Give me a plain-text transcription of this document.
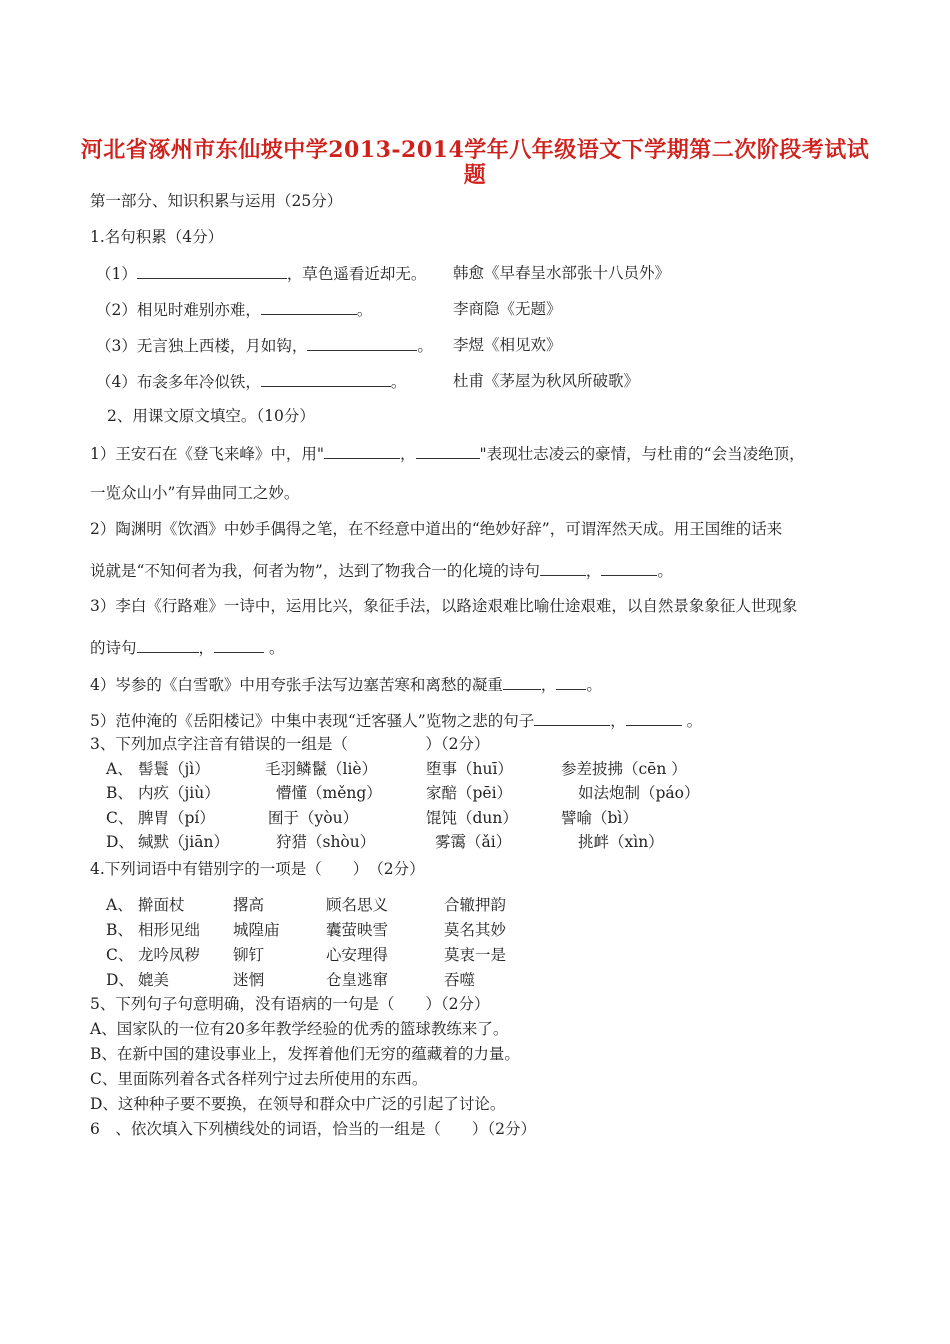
河北省涿州市东仙坡中学2013-2014学年八年级语文下学期第二次阶段考试试
题
第一部分、知识积累与运用（25分）
1.名句积累（4分）
（1）	，草色遥看近却无。 韩愈《早春呈水部张十八员外》
（2）相见时难别亦难，	。	李商隐《无题》
（3）无言独上西楼，月如钩，	。 李煜《相见欢》
（4）布衾多年冷似铁，	。	杜甫《茅屋为秋风所破歌》
2、用课文原文填空。（10分）
1）王安石在《登飞来峰》中，用"	，	"表现壮志凌云的豪情，与杜甫的“会当凌绝顶，
一览众山小”有异曲同工之妙。
2）陶渊明《饮酒》中妙手偶得之笔，在不经意中道出的“绝妙好辞”，可谓浑然天成。用王国维的话来
说就是“不知何者为我，何者为物”，达到了物我合一的化境的诗句	，	。
3）李白《行路难》一诗中，运用比兴，象征手法，以路途艰难比喻仕途艰难，以自然景象象征人世现象
的诗句	，	。
4）岑参的《白雪歌》中用夸张手法写边塞苦寒和离愁的凝重 ， 。
5）范仲淹的《岳阳楼记》中集中表现“迁客骚人”览物之悲的句子	，	。
3、下列加点字注音有错误的一组是（　　　　　）（2分）
A、 髻鬟（jì）	毛羽鳞鬣（liè）	堕事（huī）	参差披拂（cēn ）
B、 内疚（jiù）	懵懂（měng）	家醅（pēi）	如法炮制（páo）
C、 脾胃（pí）	囿于（yòu）	馄饨（dun）	譬喻（bì）
D、 缄默（jiān）	狩猎（shòu）	雾霭（ǎi）	挑衅（xìn）
4.下列词语中有错别字的一项是（　　）　（2分）
A、 擀面杖	撂高	顾名思义	合辙押韵
B、 相形见绌 城隍庙	囊萤映雪	莫名其妙
C、 龙吟凤秽 铆钉	心安理得	莫衷一是
D、 媲美	迷惘	仓皇逃窜	吞噬
5、下列句子句意明确，没有语病的一句是（　　）（2分）
A、国家队的一位有20多年教学经验的优秀的篮球教练来了。
B、在新中国的建设事业上，发挥着他们无穷的蕴藏着的力量。
C、里面陈列着各式各样列宁过去所使用的东西。
D、这种种子要不要换，在领导和群众中广泛的引起了讨论。
6　、依次填入下列横线处的词语，恰当的一组是（　　）（2分）
